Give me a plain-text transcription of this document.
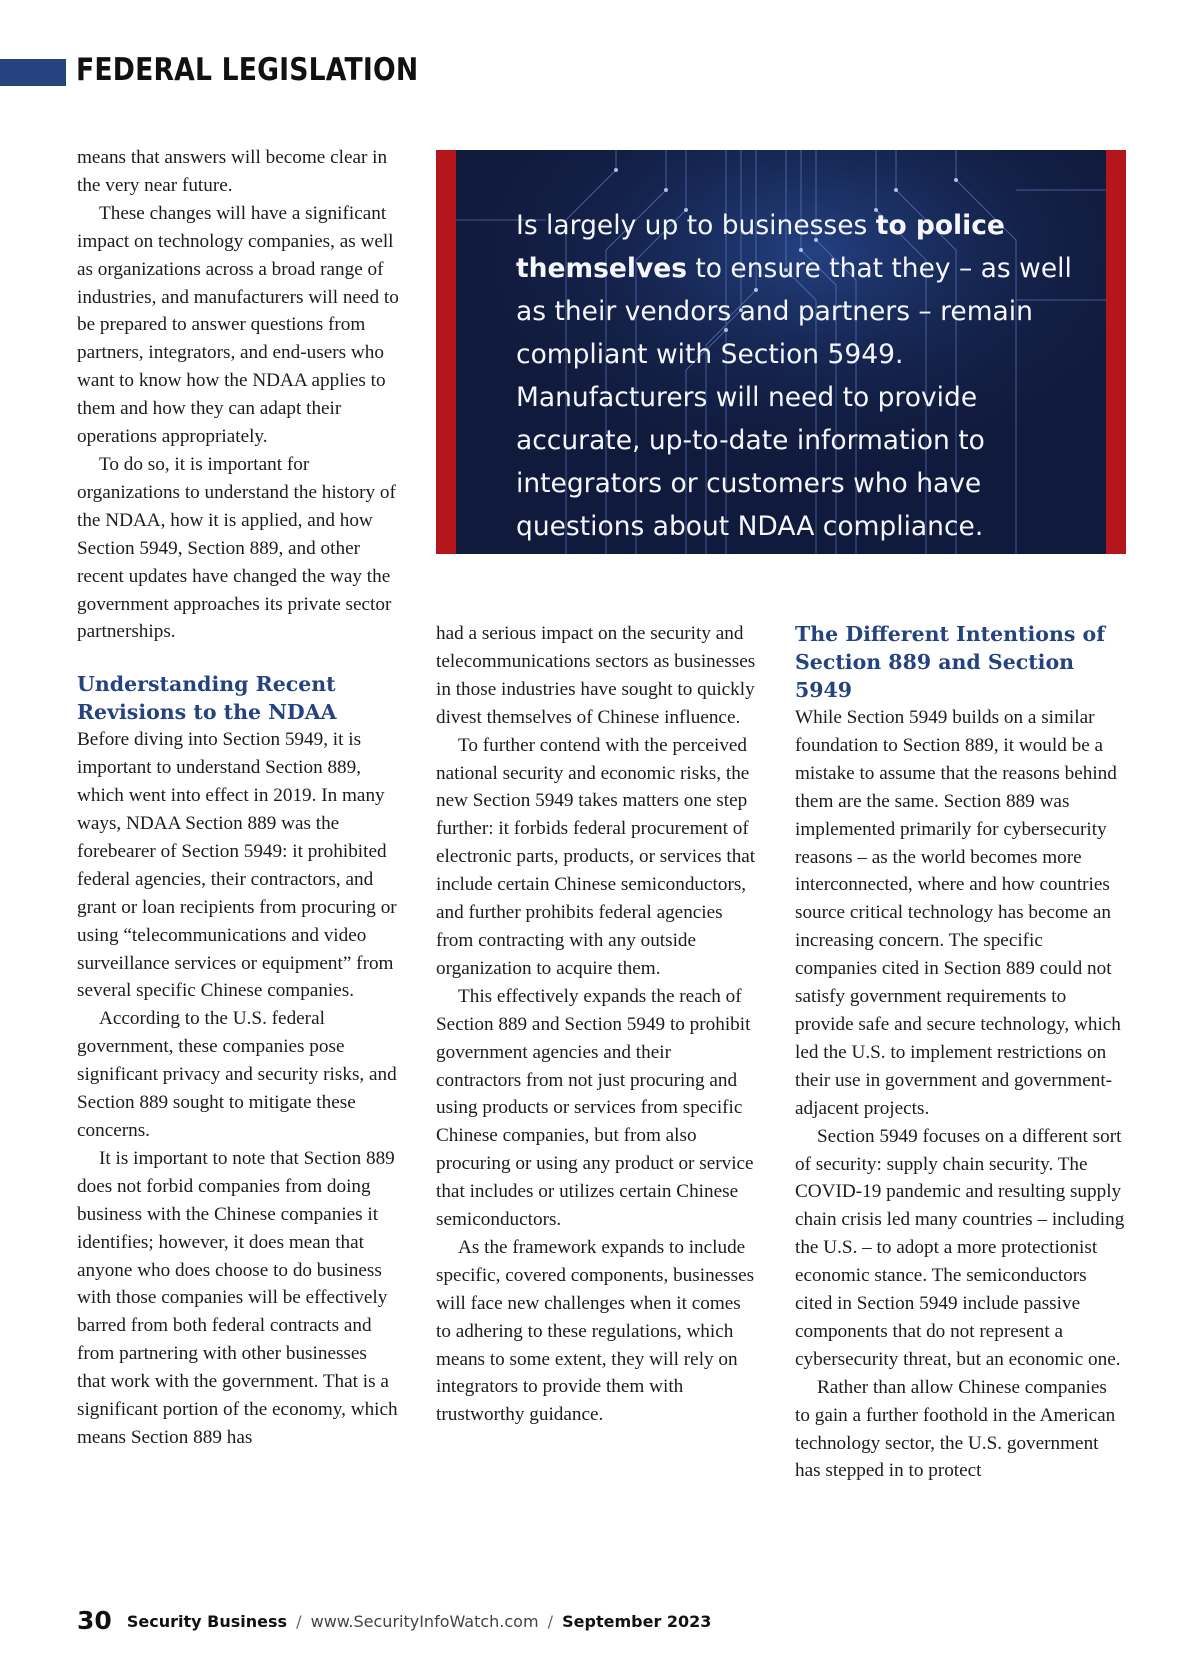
FEDERAL LEGISLATION

Is largely up to businesses to police themselves to ensure that they – as well as their vendors and partners – remain compliant with Section 5949. Manufacturers will need to provide accurate, up-to-date information to integrators or customers who have questions about NDAA compliance.

means that answers will become clear in the very near future.

These changes will have a significant impact on technology companies, as well as organizations across a broad range of industries, and manufacturers will need to be prepared to answer questions from partners, integrators, and end-users who want to know how the NDAA applies to them and how they can adapt their operations appropriately.

To do so, it is important for organizations to understand the history of the NDAA, how it is applied, and how Section 5949, Section 889, and other recent updates have changed the way the government approaches its private sector partnerships.

Understanding Recent Revisions to the NDAA

Before diving into Section 5949, it is important to understand Section 889, which went into effect in 2019. In many ways, NDAA Section 889 was the forebearer of Section 5949: it prohibited federal agencies, their contractors, and grant or loan recipients from procuring or using “telecommunications and video surveillance services or equipment” from several specific Chinese companies.

According to the U.S. federal government, these companies pose significant privacy and security risks, and Section 889 sought to mitigate these concerns.

It is important to note that Section 889 does not forbid companies from doing business with the Chinese companies it identifies; however, it does mean that anyone who does choose to do business with those companies will be effectively barred from both federal contracts and from partnering with other businesses that work with the government. That is a significant portion of the economy, which means Section 889 has

had a serious impact on the security and telecommunications sectors as businesses in those industries have sought to quickly divest themselves of Chinese influence.

To further contend with the perceived national security and economic risks, the new Section 5949 takes matters one step further: it forbids federal procurement of electronic parts, products, or services that include certain Chinese semiconductors, and further prohibits federal agencies from contracting with any outside organization to acquire them.

This effectively expands the reach of Section 889 and Section 5949 to prohibit government agencies and their contractors from not just procuring and using products or services from specific Chinese companies, but from also procuring or using any product or service that includes or utilizes certain Chinese semiconductors.

As the framework expands to include specific, covered components, businesses will face new challenges when it comes to adhering to these regulations, which means to some extent, they will rely on integrators to provide them with trustworthy guidance.

The Different Intentions of Section 889 and Section 5949

While Section 5949 builds on a similar foundation to Section 889, it would be a mistake to assume that the reasons behind them are the same. Section 889 was implemented primarily for cybersecurity reasons – as the world becomes more interconnected, where and how countries source critical technology has become an increasing concern. The specific companies cited in Section 889 could not satisfy government requirements to provide safe and secure technology, which led the U.S. to implement restrictions on their use in government and government-adjacent projects.

Section 5949 focuses on a different sort of security: supply chain security. The COVID-19 pandemic and resulting supply chain crisis led many countries – including the U.S. – to adopt a more protectionist economic stance. The semiconductors cited in Section 5949 include passive components that do not represent a cybersecurity threat, but an economic one.

Rather than allow Chinese companies to gain a further foothold in the American technology sector, the U.S. government has stepped in to protect

30 Security Business / www.SecurityInfoWatch.com / September 2023
